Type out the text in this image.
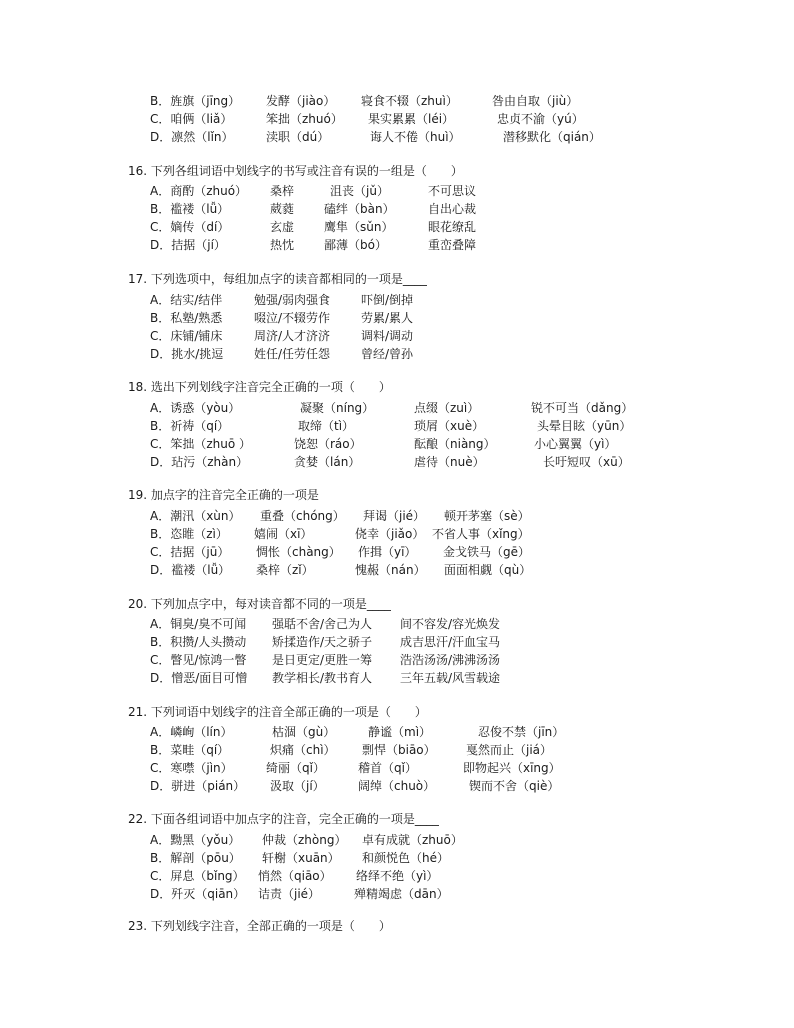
B．旌旗（jīng） 发酵（jiào） 寝食不辍（zhuì）	咎由自取（jiù）
C．咱俩（liǎ）	笨拙（zhuó） 果实累累（léi）	忠贞不渝（yú）
D．凛然（lǐn）	渎职（dú）	诲人不倦（huì）	潜移默化（qián）
16. 下列各组词语中划线字的书写或注音有误的一组是（　　）
A．商酌（zhuó） 桑梓	沮丧（jǔ）	不可思议
B．褴褛（lǚ）	葳蕤 磕绊（bàn）	自出心裁
C．嫡传（dí）	玄虚 鹰隼（sǔn）	眼花缭乱
D．拮据（jí）	热忱 鄙薄（bó）	重峦叠障
17. 下列选项中，每组加点字的读音都相同的一项是____
A．结实/结伴	勉强/弱肉强食	吓倒/倒掉
B．私塾/熟悉	啜泣/不辍劳作	劳累/累人
C．床铺/铺床	周济/人才济济	调料/调动
D．挑水/挑逗	姓任/任劳任怨	曾经/曾孙
18. 选出下列划线字注音完全正确的一项（　　）
A．诱惑（yòu）	凝聚（níng）	点缀（zuì）	锐不可当（dǎng）
B．祈祷（qí）	取缔（tì）	琐屑（xuè）	头晕目眩（yūn）
C．笨拙（zhuō ）	饶恕（ráo）	酝酿（niàng）	小心翼翼（yì）
D．玷污（zhàn）	贪婪（lán）	虐待（nuè）	长吁短叹（xū）
19. 加点字的注音完全正确的一项是
A．潮汛（xùn） 重叠（chóng） 拜谒（jié） 顿开茅塞（sè）
B．恣睢（zì） 嬉闹（xī）	侥幸（jiǎo） 不省人事（xǐng）
C．拮据（jū） 惆怅（chàng） 作揖（yī） 金戈铁马（gē）
D．褴褛（lǚ） 桑梓（zǐ）	愧赧（nán） 面面相觑（qù）
20. 下列加点字中，每对读音都不同的一项是____
A．铜臭/臭不可闻 强聒不舍/舍己为人 间不容发/容光焕发
B．积攒/人头攒动 矫揉造作/天之骄子 成吉思汗/汗血宝马
C．瞥见/惊鸿一瞥 是日更定/更胜一筹 浩浩汤汤/沸沸汤汤
D．憎恶/面目可憎 教学相长/教书育人 三年五载/风雪载途
21. 下列词语中划线字的注音全部正确的一项是（　　）
A．嶙峋（lín）	枯涸（gù）	静谧（mì）	忍俊不禁（jīn）
B．菜畦（qí）	炽痛（chì） 剽悍（biāo）	戛然而止（jiá）
C．寒噤（jìn）	绮丽（qǐ）	稽首（qǐ）	即物起兴（xīng）
D．骈进（pián） 汲取（jí）	阔绰（chuò）	锲而不舍（qiè）
22. 下面各组词语中加点字的注音，完全正确的一项是____
A．黝黑（yǒu） 仲裁（zhòng） 卓有成就（zhuō）
B．解剖（pōu） 轩榭（xuān） 和颜悦色（hé）
C．屏息（bǐng） 悄然（qiāo） 络绎不绝（yì）
D．歼灭（qiān） 诘责（jié）	殚精竭虑（dān）
23. 下列划线字注音，全部正确的一项是（　　）
